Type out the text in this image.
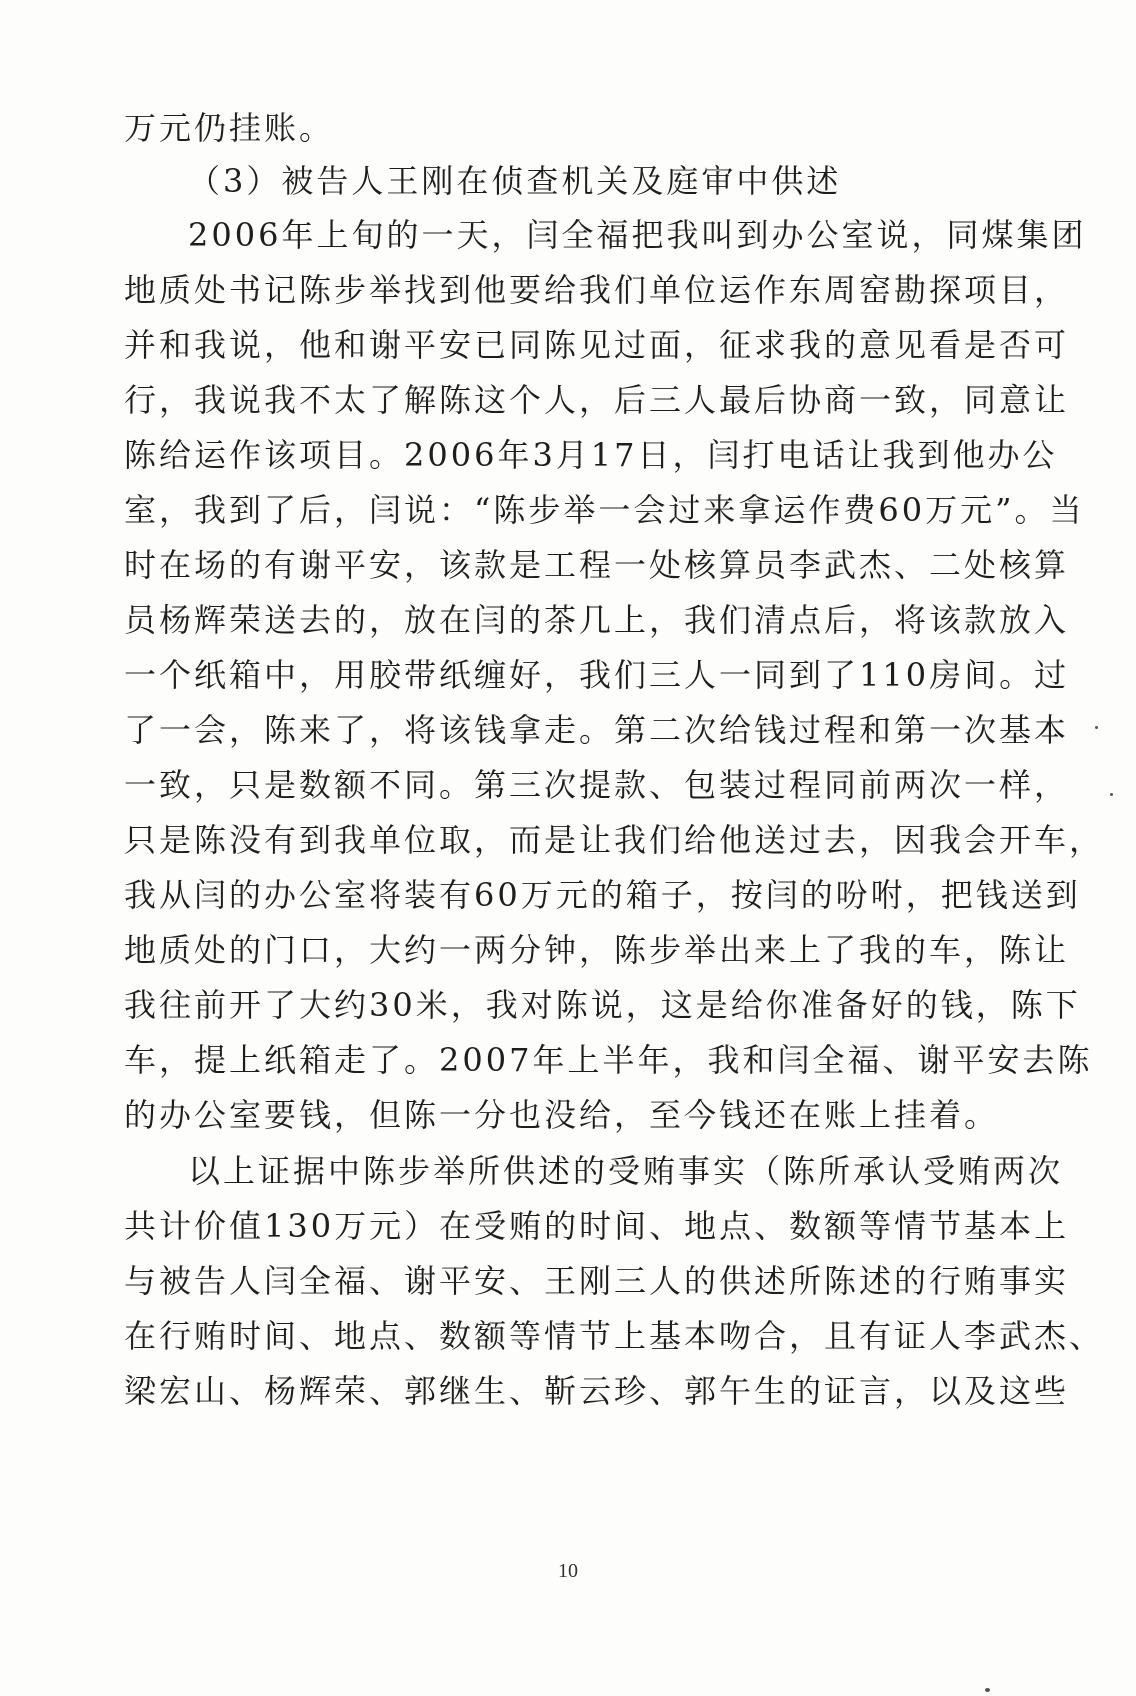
万元仍挂账。
（3）被告人王刚在侦查机关及庭审中供述
2006年上旬的一天，闫全福把我叫到办公室说，同煤集团
地质处书记陈步举找到他要给我们单位运作东周窑勘探项目，
并和我说，他和谢平安已同陈见过面，征求我的意见看是否可
行，我说我不太了解陈这个人，后三人最后协商一致，同意让
陈给运作该项目。2006年3月17日，闫打电话让我到他办公
室，我到了后，闫说：“陈步举一会过来拿运作费60万元”。当
时在场的有谢平安，该款是工程一处核算员李武杰、二处核算
员杨辉荣送去的，放在闫的茶几上，我们清点后，将该款放入
一个纸箱中，用胶带纸缠好，我们三人一同到了110房间。过
了一会，陈来了，将该钱拿走。第二次给钱过程和第一次基本
一致，只是数额不同。第三次提款、包装过程同前两次一样，
只是陈没有到我单位取，而是让我们给他送过去，因我会开车，
我从闫的办公室将装有60万元的箱子，按闫的吩咐，把钱送到
地质处的门口，大约一两分钟，陈步举出来上了我的车，陈让
我往前开了大约30米，我对陈说，这是给你准备好的钱，陈下
车，提上纸箱走了。2007年上半年，我和闫全福、谢平安去陈
的办公室要钱，但陈一分也没给，至今钱还在账上挂着。
以上证据中陈步举所供述的受贿事实（陈所承认受贿两次
共计价值130万元）在受贿的时间、地点、数额等情节基本上
与被告人闫全福、谢平安、王刚三人的供述所陈述的行贿事实
在行贿时间、地点、数额等情节上基本吻合，且有证人李武杰、
梁宏山、杨辉荣、郭继生、靳云珍、郭午生的证言，以及这些
10
